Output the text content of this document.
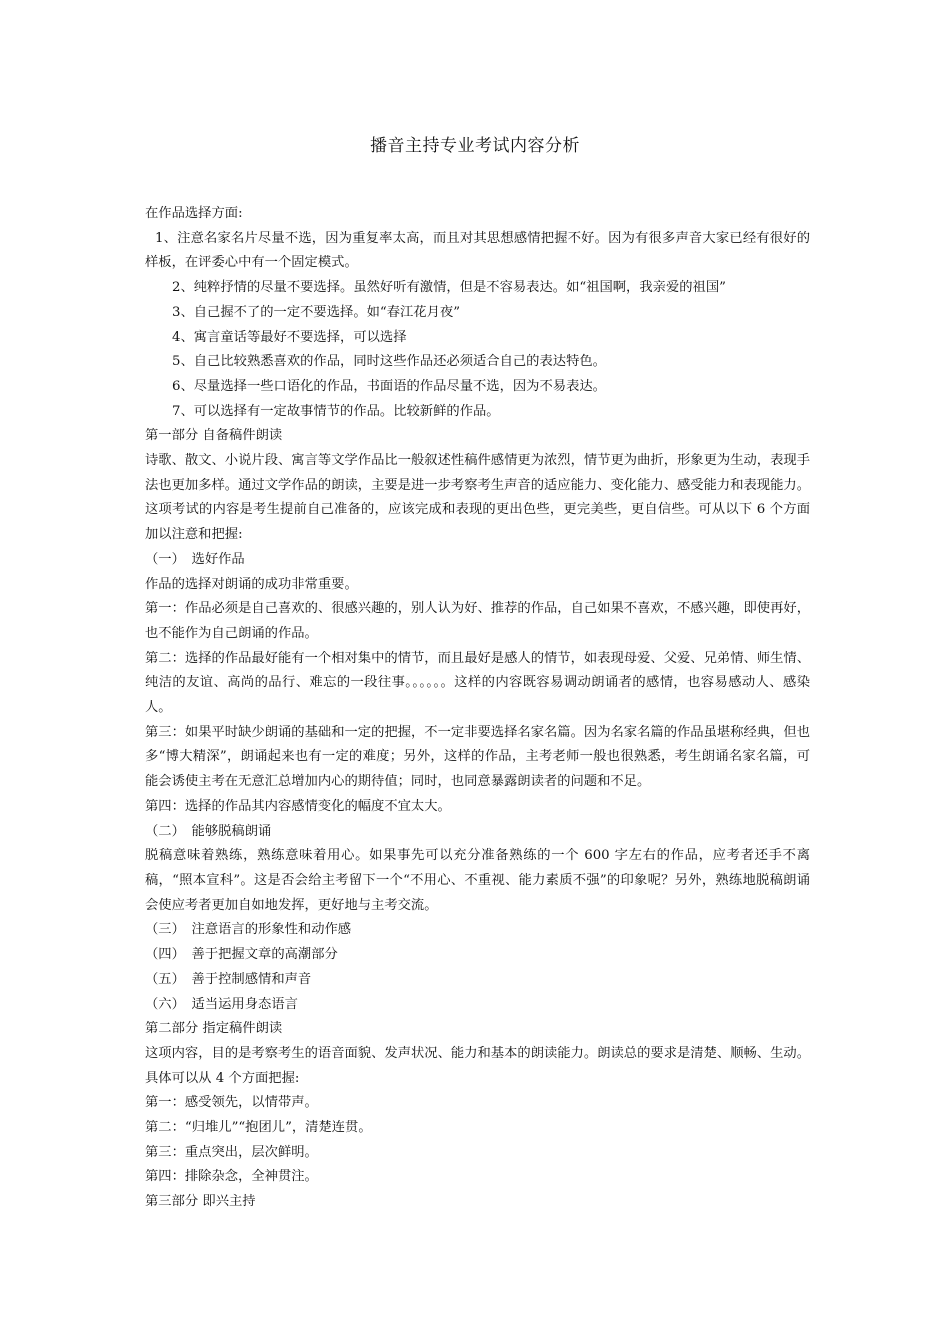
播音主持专业考试内容分析

在作品选择方面:

1、注意名家名片尽量不选，因为重复率太高，而且对其思想感情把握不好。因为有很多声音大家已经有很好的样板，在评委心中有一个固定模式。

2、纯粹抒情的尽量不要选择。虽然好听有激情，但是不容易表达。如“祖国啊，我亲爱的祖国”

3、自己握不了的一定不要选择。如“春江花月夜”

4、寓言童话等最好不要选择，可以选择

5、自己比较熟悉喜欢的作品，同时这些作品还必须适合自己的表达特色。

6、尽量选择一些口语化的作品，书面语的作品尽量不选，因为不易表达。

7、可以选择有一定故事情节的作品。比较新鲜的作品。

第一部分 自备稿件朗读

诗歌、散文、小说片段、寓言等文学作品比一般叙述性稿件感情更为浓烈，情节更为曲折，形象更为生动，表现手法也更加多样。通过文学作品的朗读，主要是进一步考察考生声音的适应能力、变化能力、感受能力和表现能力。这项考试的内容是考生提前自己准备的，应该完成和表现的更出色些，更完美些，更自信些。可从以下 6 个方面加以注意和把握:

（一）　选好作品

作品的选择对朗诵的成功非常重要。

第一：作品必须是自己喜欢的、很感兴趣的，别人认为好、推荐的作品，自己如果不喜欢，不感兴趣，即使再好，也不能作为自己朗诵的作品。

第二：选择的作品最好能有一个相对集中的情节，而且最好是感人的情节，如表现母爱、父爱、兄弟情、师生情、纯洁的友谊、高尚的品行、难忘的一段往事。。。。。。这样的内容既容易调动朗诵者的感情，也容易感动人、感染人。

第三：如果平时缺少朗诵的基础和一定的把握，不一定非要选择名家名篇。因为名家名篇的作品虽堪称经典，但也多“博大精深”，朗诵起来也有一定的难度；另外，这样的作品，主考老师一般也很熟悉，考生朗诵名家名篇，可能会诱使主考在无意汇总增加内心的期待值；同时，也同意暴露朗读者的问题和不足。

第四：选择的作品其内容感情变化的幅度不宜太大。

（二）　能够脱稿朗诵

脱稿意味着熟练，熟练意味着用心。如果事先可以充分准备熟练的一个 600 字左右的作品，应考者还手不离稿，“照本宣科”。这是否会给主考留下一个“不用心、不重视、能力素质不强”的印象呢？另外，熟练地脱稿朗诵会使应考者更加自如地发挥，更好地与主考交流。

（三）　注意语言的形象性和动作感

（四）　善于把握文章的高潮部分

（五）　善于控制感情和声音

（六）　适当运用身态语言

第二部分 指定稿件朗读

这项内容，目的是考察考生的语音面貌、发声状况、能力和基本的朗读能力。朗读总的要求是清楚、顺畅、生动。具体可以从 4 个方面把握:

第一：感受领先，以情带声。

第二：“归堆儿”“抱团儿”，清楚连贯。

第三：重点突出，层次鲜明。

第四：排除杂念，全神贯注。

第三部分 即兴主持
